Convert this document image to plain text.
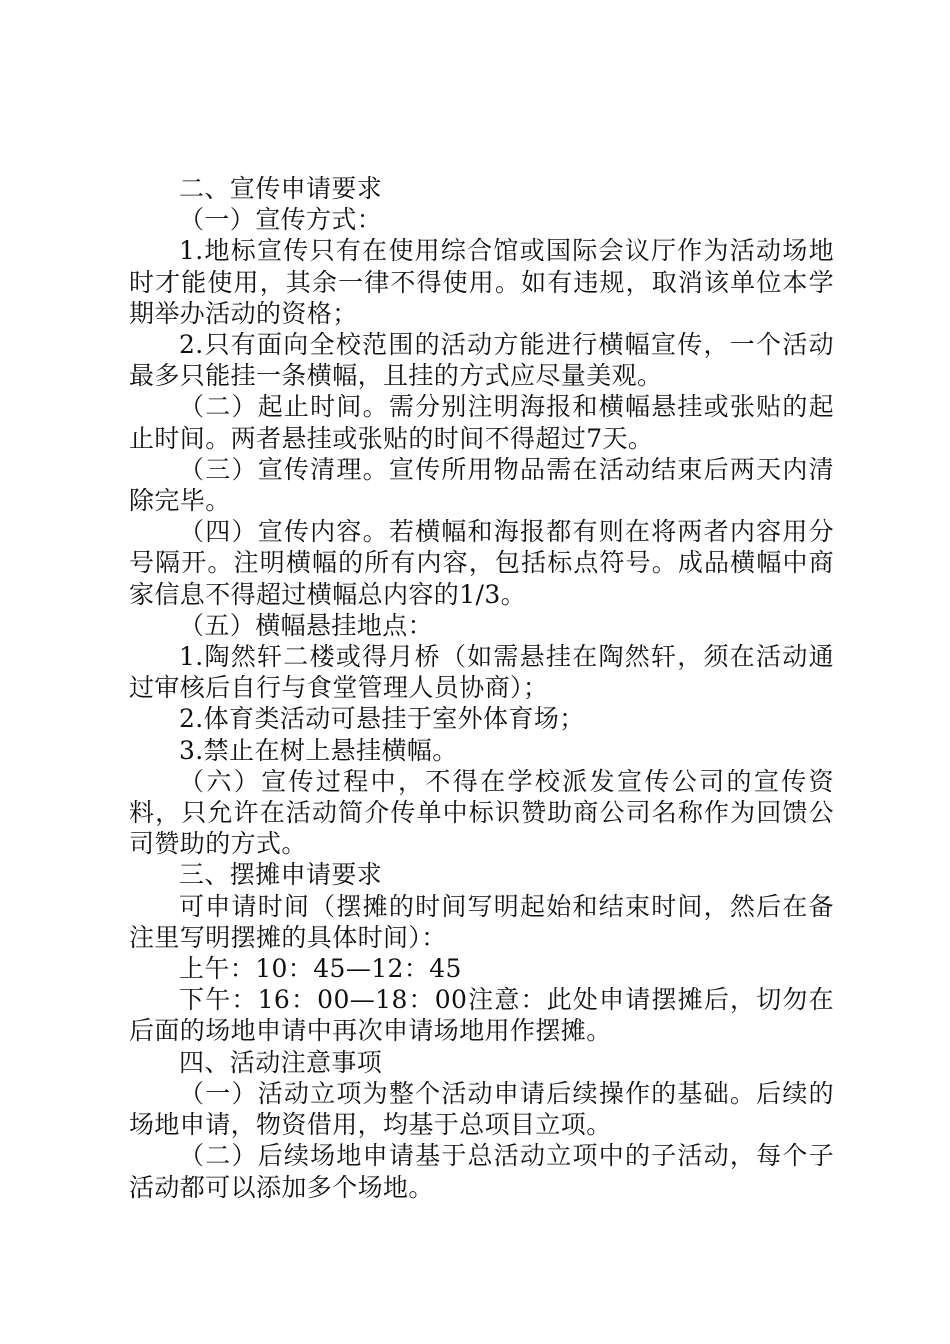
二、宣传申请要求

（一）宣传方式：

1.地标宣传只有在使用综合馆或国际会议厅作为活动场地时才能使用，其余一律不得使用。如有违规，取消该单位本学期举办活动的资格；

2.只有面向全校范围的活动方能进行横幅宣传，一个活动最多只能挂一条横幅，且挂的方式应尽量美观。

（二）起止时间。需分别注明海报和横幅悬挂或张贴的起止时间。两者悬挂或张贴的时间不得超过7天。

（三）宣传清理。宣传所用物品需在活动结束后两天内清除完毕。

（四）宣传内容。若横幅和海报都有则在将两者内容用分号隔开。注明横幅的所有内容，包括标点符号。成品横幅中商家信息不得超过横幅总内容的1/3。

（五）横幅悬挂地点：

1.陶然轩二楼或得月桥（如需悬挂在陶然轩，须在活动通过审核后自行与食堂管理人员协商）；

2.体育类活动可悬挂于室外体育场；

3.禁止在树上悬挂横幅。

（六）宣传过程中，不得在学校派发宣传公司的宣传资料，只允许在活动简介传单中标识赞助商公司名称作为回馈公司赞助的方式。

三、摆摊申请要求

可申请时间（摆摊的时间写明起始和结束时间，然后在备注里写明摆摊的具体时间）：

上午：10：45—12：45

下午：16：00—18：00注意：此处申请摆摊后，切勿在后面的场地申请中再次申请场地用作摆摊。

四、活动注意事项

（一）活动立项为整个活动申请后续操作的基础。后续的场地申请，物资借用，均基于总项目立项。

（二）后续场地申请基于总活动立项中的子活动，每个子活动都可以添加多个场地。
